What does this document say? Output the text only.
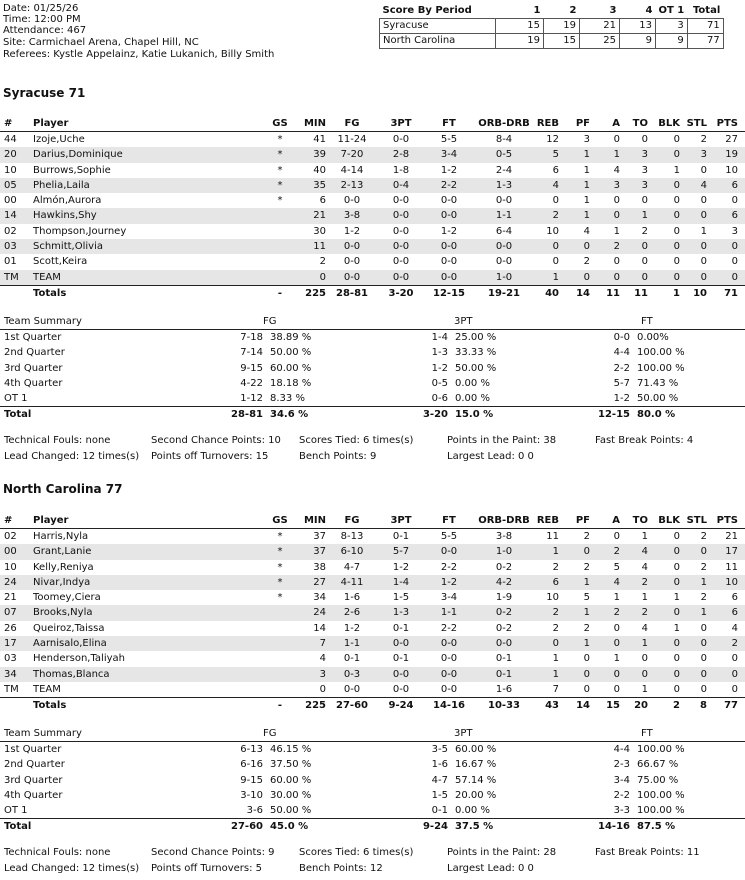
Date: 01/25/26
Time: 12:00 PM
Attendance: 467
Site: Carmichael Arena, Chapel Hill, NC
Referees: Kystle Appelainz, Katie Lukanich, Billy Smith
Score By Period	1	2	3	4	OT 1	Total
Syracuse	15	19	21	13	3	71
North Carolina	19	15	25	9	9	77
Syracuse 71
# Player	GS	MIN	FG	3PT	FT	ORB-DRB REB PF	A	TO	BLK STL PTS
44 Izoje,Uche	*	41 11-24	0-0	5-5	8-4	12	3	0	0	0	2	27
20 Darius,Dominique	*	39	7-20	2-8	3-4	0-5	5	1	1	3	0	3	19
10 Burrows,Sophie	*	40	4-14	1-8	1-2	2-4	6	1	4	3	1	0	10
05 Phelia,Laila	*	35	2-13	0-4	2-2	1-3	4	1	3	3	0	4	6
00 Almón,Aurora	*	6	0-0	0-0	0-0	0-0	0	1	0	0	0	0	0
14 Hawkins,Shy	21	3-8	0-0	0-0	1-1	2	1	0	1	0	0	6
02 Thompson,Journey	30	1-2	0-0	1-2	6-4	10	4	1	2	0	1	3
03 Schmitt,Olivia	11	0-0	0-0	0-0	0-0	0	0	2	0	0	0	0
01 Scott,Keira	2	0-0	0-0	0-0	0-0	0	2	0	0	0	0	0
TM TEAM	0	0-0	0-0	0-0	1-0	1	0	0	0	0	0	0
Totals	-	225 28-81 3-20 12-15	19-21	40 14 11	11	1	10	71
Team Summary	FG	3PT	FT
1st Quarter	7-18 38.89 %	1-4 25.00 %	0-0 0.00%
2nd Quarter	7-14 50.00 %	1-3 33.33 %	4-4 100.00 %
3rd Quarter	9-15 60.00 %	1-2 50.00 %	2-2 100.00 %
4th Quarter	4-22 18.18 %	0-5 0.00 %	5-7 71.43 %
OT 1	1-12 8.33 %	0-6 0.00 %	1-2 50.00 %
Total	28-81 34.6 %	3-20 15.0 %	12-15 80.0 %
Technical Fouls: none	Second Chance Points: 10 Scores Tied: 6 times(s)	Points in the Paint: 38	Fast Break Points: 4
Lead Changed: 12 times(s) Points off Turnovers: 15	Bench Points: 9	Largest Lead: 0 0
North Carolina 77
# Player	GS	MIN	FG	3PT	FT	ORB-DRB REB PF	A	TO	BLK STL PTS
02 Harris,Nyla	*	37	8-13	0-1	5-5	3-8	11	2	0	1	0	2	21
00 Grant,Lanie	*	37	6-10	5-7	0-0	1-0	1	0	2	4	0	0	17
10 Kelly,Reniya	*	38	4-7	1-2	2-2	0-2	2	2	5	4	0	2	11
24 Nivar,Indya	*	27	4-11	1-4	1-2	4-2	6	1	4	2	0	1	10
21 Toomey,Ciera	*	34	1-6	1-5	3-4	1-9	10	5	1	1	1	2	6
07 Brooks,Nyla	24	2-6	1-3	1-1	0-2	2	1	2	2	0	1	6
26 Queiroz,Taissa	14	1-2	0-1	2-2	0-2	2	2	0	4	1	0	4
17 Aarnisalo,Elina	7	1-1	0-0	0-0	0-0	0	1	0	1	0	0	2
03 Henderson,Taliyah	4	0-1	0-1	0-0	0-1	1	0	1	0	0	0	0
34 Thomas,Blanca	3	0-3	0-0	0-0	0-1	1	0	0	0	0	0	0
TM TEAM	0	0-0	0-0	0-0	1-6	7	0	0	1	0	0	0
Totals	-	225 27-60 9-24 14-16	10-33	43 14 15	20	2	8	77
Team Summary	FG	3PT	FT
1st Quarter	6-13 46.15 %	3-5 60.00 %	4-4 100.00 %
2nd Quarter	6-16 37.50 %	1-6 16.67 %	2-3 66.67 %
3rd Quarter	9-15 60.00 %	4-7 57.14 %	3-4 75.00 %
4th Quarter	3-10 30.00 %	1-5 20.00 %	2-2 100.00 %
OT 1	3-6 50.00 %	0-1 0.00 %	3-3 100.00 %
Total	27-60 45.0 %	9-24 37.5 %	14-16 87.5 %
Technical Fouls: none	Second Chance Points: 9 Scores Tied: 6 times(s)	Points in the Paint: 28	Fast Break Points: 11
Lead Changed: 12 times(s) Points off Turnovers: 5	Bench Points: 12	Largest Lead: 0 0
